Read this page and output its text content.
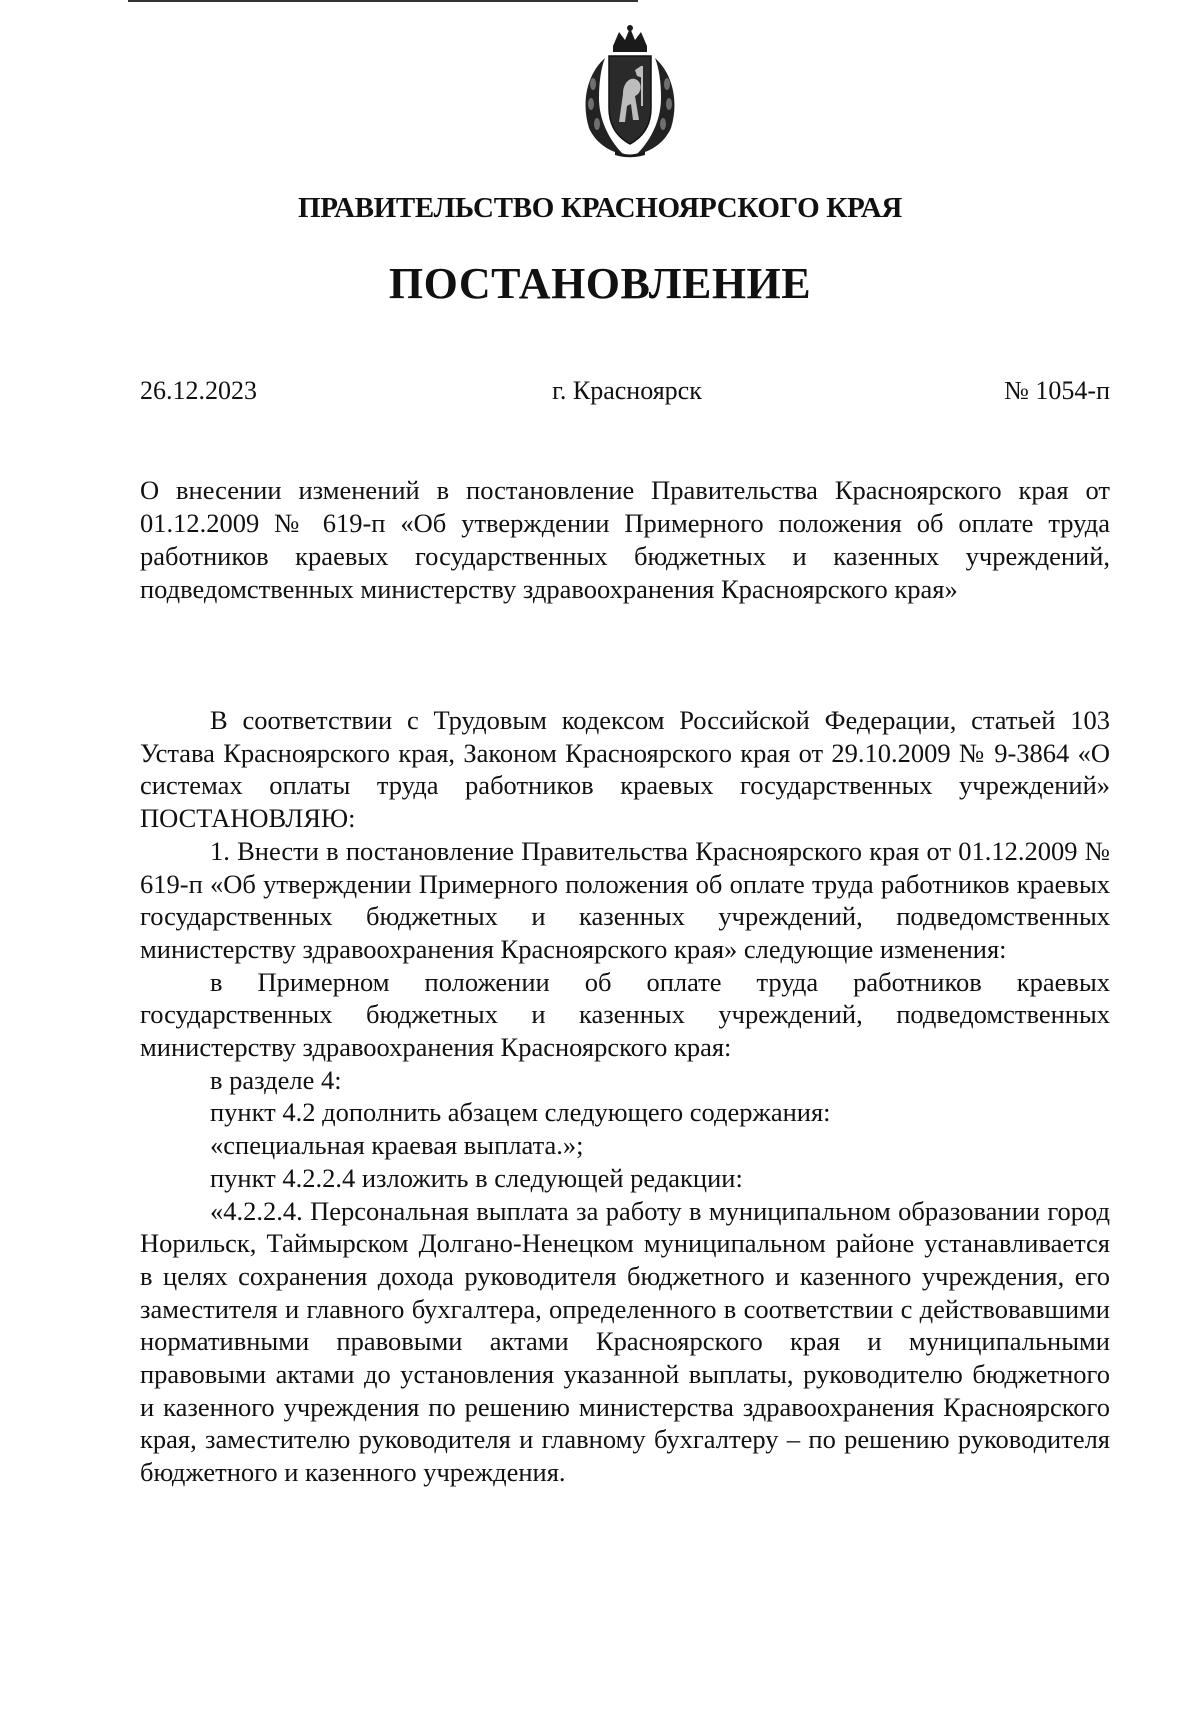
ПРАВИТЕЛЬСТВО КРАСНОЯРСКОГО КРАЯ
ПОСТАНОВЛЕНИЕ
26.12.2023	г. Красноярск	№ 1054-п
О внесении изменений в постановление Правительства Красноярского края от 01.12.2009 № 619-п «Об утверждении Примерного положения об оплате труда работников краевых государственных бюджетных и казенных учреждений, подведомственных министерству здравоохранения Красноярского края»

В соответствии с Трудовым кодексом Российской Федерации, статьей 103 Устава Красноярского края, Законом Красноярского края от 29.10.2009 № 9-3864 «О системах оплаты труда работников краевых государственных учреждений» ПОСТАНОВЛЯЮ:

1. Внести в постановление Правительства Красноярского края от 01.12.2009 № 619-п «Об утверждении Примерного положения об оплате труда работников краевых государственных бюджетных и казенных учреждений, подведомственных министерству здравоохранения Красноярского края» следующие изменения:

в Примерном положении об оплате труда работников краевых государственных бюджетных и казенных учреждений, подведомственных министерству здравоохранения Красноярского края:

в разделе 4:

пункт 4.2 дополнить абзацем следующего содержания:

«специальная краевая выплата.»;

пункт 4.2.2.4 изложить в следующей редакции:

«4.2.2.4. Персональная выплата за работу в муниципальном образовании город Норильск, Таймырском Долгано-Ненецком муниципальном районе устанавливается в целях сохранения дохода руководителя бюджетного и казенного учреждения, его заместителя и главного бухгалтера, определенного в соответствии с действовавшими нормативными правовыми актами Красноярского края и муниципальными правовыми актами до установления указанной выплаты, руководителю бюджетного и казенного учреждения по решению министерства здравоохранения Красноярского края, заместителю руководителя и главному бухгалтеру – по решению руководителя бюджетного и казенного учреждения.
